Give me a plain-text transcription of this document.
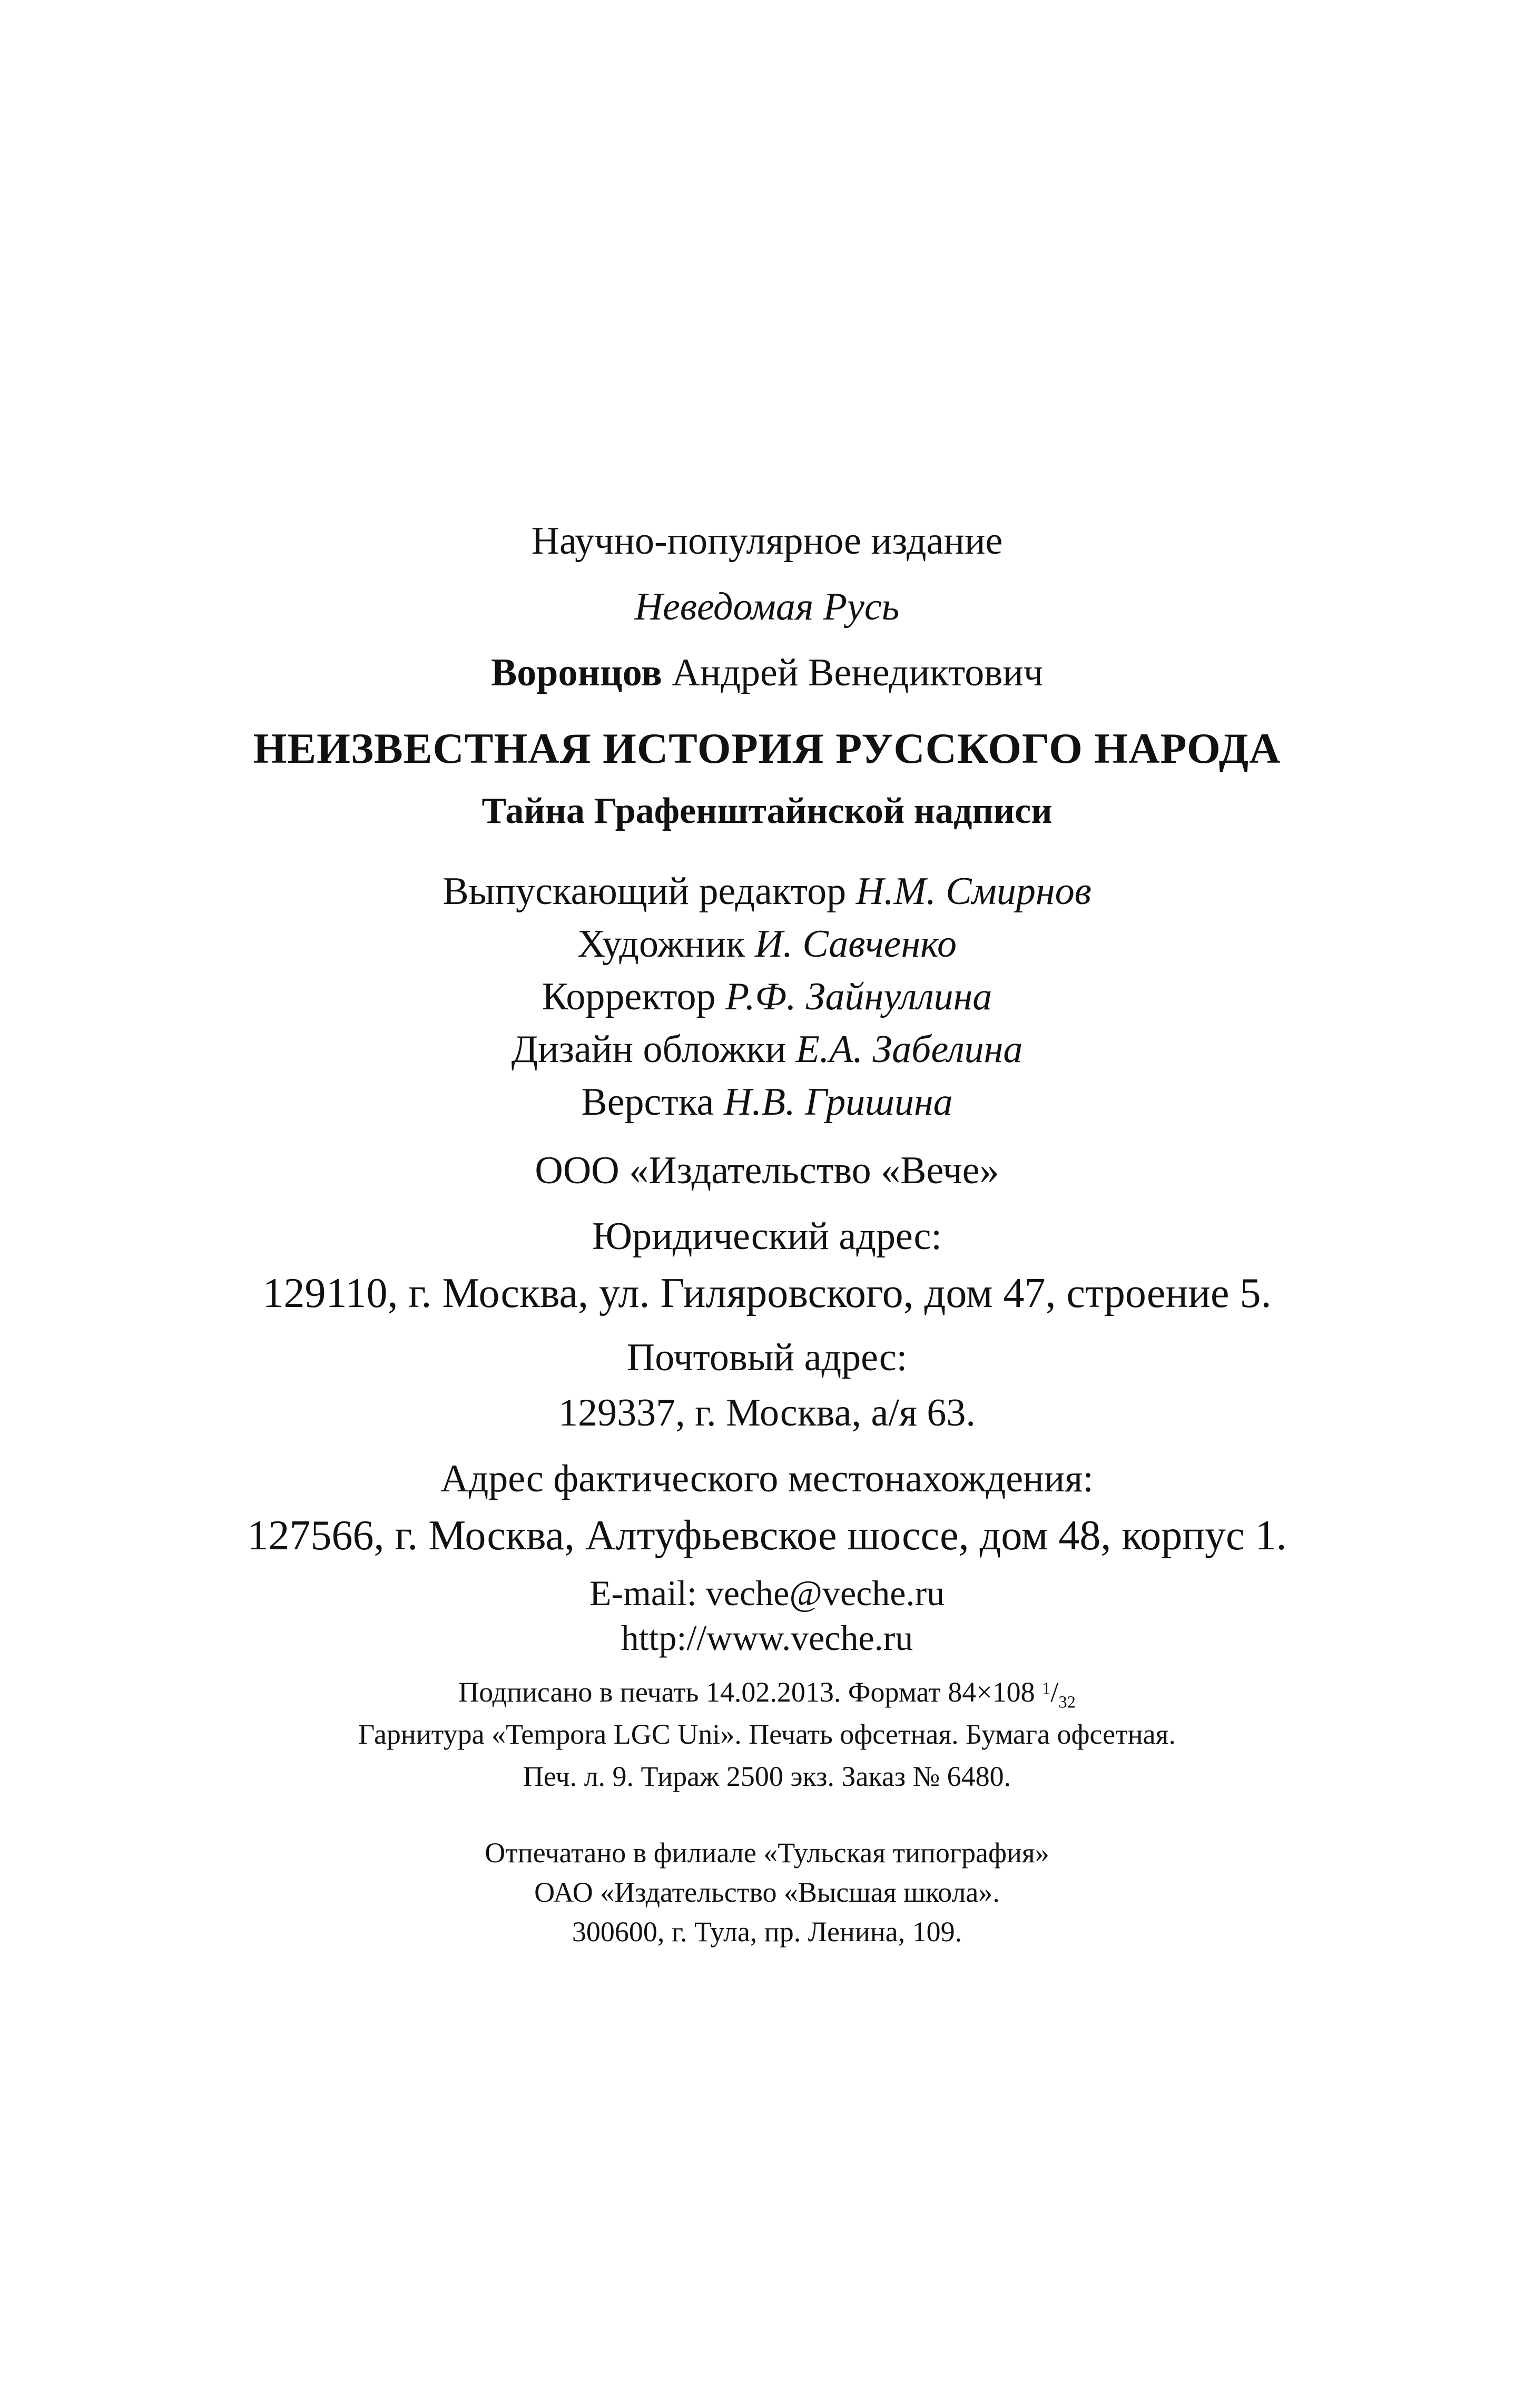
Научно-популярное издание
Неведомая Русь
Воронцов Андрей Венедиктович
НЕИЗВЕСТНАЯ ИСТОРИЯ РУССКОГО НАРОДА
Тайна Графенштайнской надписи
Выпускающий редактор Н.М. Смирнов
Художник И. Савченко
Корректор Р.Ф. Зайнуллина
Дизайн обложки Е.А. Забелина
Верстка Н.В. Гришина
ООО «Издательство «Вече»
Юридический адрес:
129110, г. Москва, ул. Гиляровского, дом 47, строение 5.
Почтовый адрес:
129337, г. Москва, а/я 63.
Адрес фактического местонахождения:
127566, г. Москва, Алтуфьевское шоссе, дом 48, корпус 1.
E-mail: veche@veche.ru
http://www.veche.ru
Подписано в печать 14.02.2013. Формат 84×108 $^1/_{32}$
Гарнитура «Tempora LGC Uni». Печать офсетная. Бумага офсетная.
Печ. л. 9. Тираж 2500 экз. Заказ № 6480.
Отпечатано в филиале «Тульская типография»
ОАО «Издательство «Высшая школа».
300600, г. Тула, пр. Ленина, 109.
